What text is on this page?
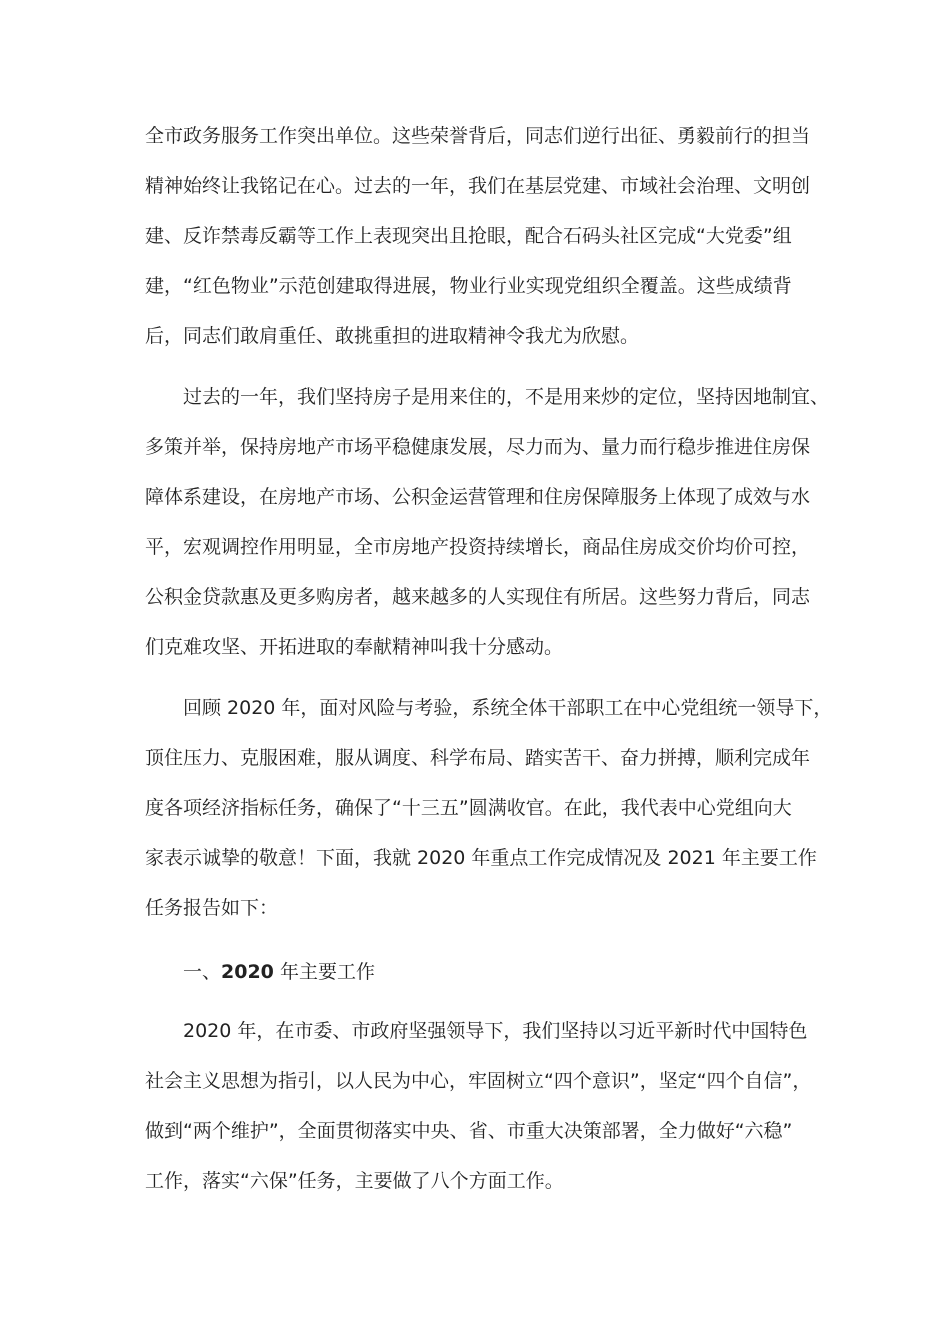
全市政务服务工作突出单位。这些荣誉背后，同志们逆行出征、勇毅前行的担当
精神始终让我铭记在心。过去的一年，我们在基层党建、市域社会治理、文明创
建、反诈禁毒反霸等工作上表现突出且抢眼，配合石码头社区完成“大党委”组
建，“红色物业”示范创建取得进展，物业行业实现党组织全覆盖。这些成绩背
后，同志们敢肩重任、敢挑重担的进取精神令我尤为欣慰。
过去的一年，我们坚持房子是用来住的，不是用来炒的定位，坚持因地制宜、
多策并举，保持房地产市场平稳健康发展，尽力而为、量力而行稳步推进住房保
障体系建设，在房地产市场、公积金运营管理和住房保障服务上体现了成效与水
平，宏观调控作用明显，全市房地产投资持续增长，商品住房成交价均价可控，
公积金贷款惠及更多购房者，越来越多的人实现住有所居。这些努力背后，同志
们克难攻坚、开拓进取的奉献精神叫我十分感动。
回顾 2020 年，面对风险与考验，系统全体干部职工在中心党组统一领导下，
顶住压力、克服困难，服从调度、科学布局、踏实苦干、奋力拼搏，顺利完成年
度各项经济指标任务，确保了“十三五”圆满收官。在此，我代表中心党组向大
家表示诚挚的敬意！下面，我就 2020 年重点工作完成情况及 2021 年主要工作
任务报告如下：
一、2020 年主要工作
2020 年，在市委、市政府坚强领导下，我们坚持以习近平新时代中国特色
社会主义思想为指引，以人民为中心，牢固树立“四个意识”，坚定“四个自信”，
做到“两个维护”，全面贯彻落实中央、省、市重大决策部署，全力做好“六稳”
工作，落实“六保”任务，主要做了八个方面工作。
